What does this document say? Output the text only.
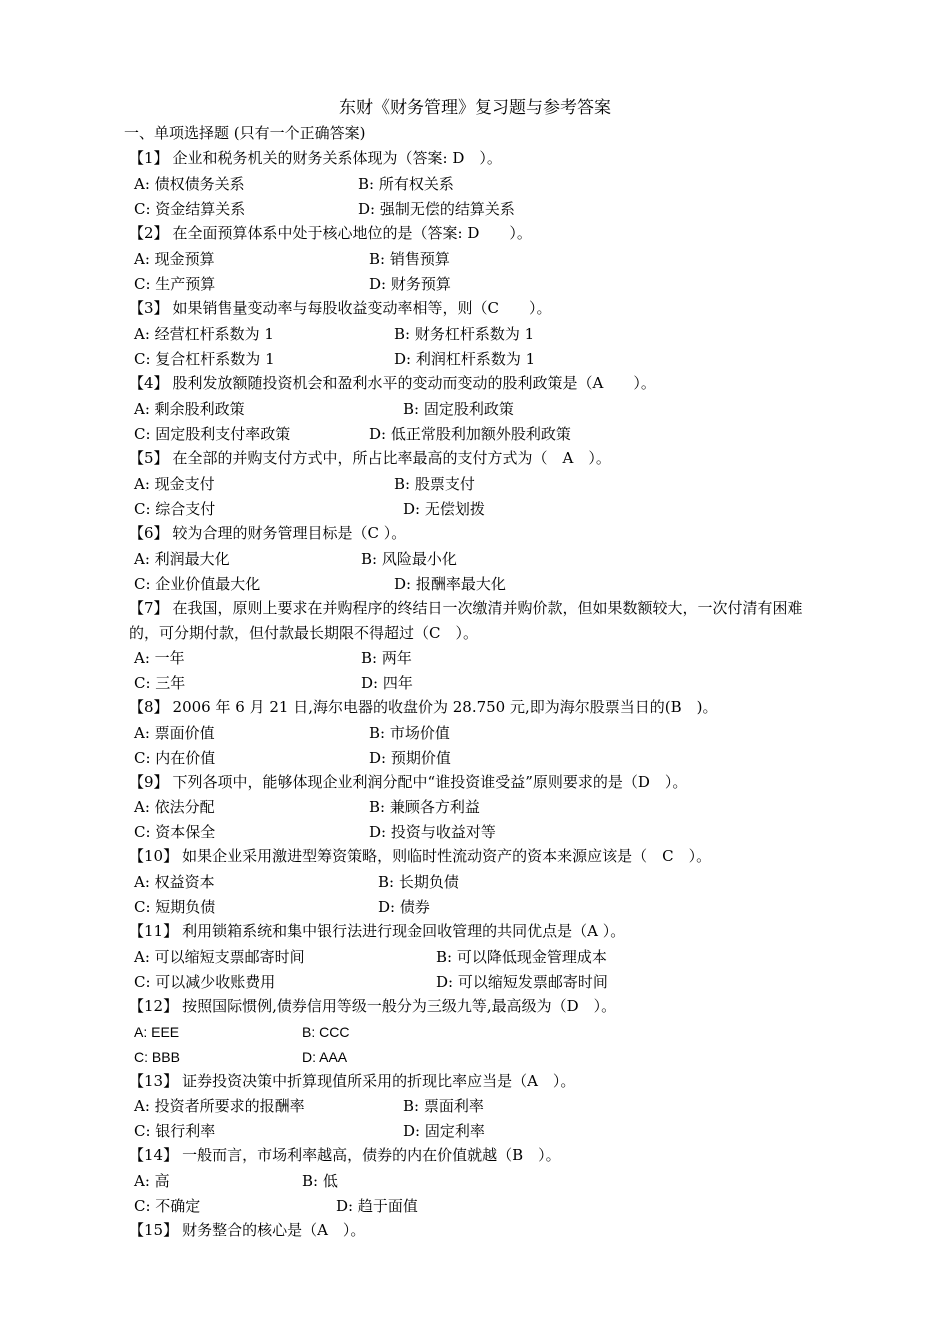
东财《财务管理》复习题与参考答案
一、单项选择题 (只有一个正确答案)
【1】 企业和税务机关的财务关系体现为（答案: D　）。
A: 债权债务关系	B: 所有权关系
C: 资金结算关系	D: 强制无偿的结算关系
【2】 在全面预算体系中处于核心地位的是（答案: D　　）。
A: 现金预算	B: 销售预算
C: 生产预算	D: 财务预算
【3】 如果销售量变动率与每股收益变动率相等，则（C　　）。
A: 经营杠杆系数为 1	B: 财务杠杆系数为 1
C: 复合杠杆系数为 1	D: 利润杠杆系数为 1
【4】 股利发放额随投资机会和盈利水平的变动而变动的股利政策是（A　　）。
A: 剩余股利政策	B: 固定股利政策
C: 固定股利支付率政策	D: 低正常股利加额外股利政策
【5】 在全部的并购支付方式中，所占比率最高的支付方式为（　A　）。
A: 现金支付	B: 股票支付
C: 综合支付	D: 无偿划拨
【6】 较为合理的财务管理目标是（C ）。
A: 利润最大化	B: 风险最小化
C: 企业价值最大化	D: 报酬率最大化
【7】 在我国，原则上要求在并购程序的终结日一次缴清并购价款，但如果数额较大，一次付清有困难的，可分期付款，但付款最长期限不得超过（C　）。
A: 一年	B: 两年
C: 三年	D: 四年
【8】 2006 年 6 月 21 日,海尔电器的收盘价为 28.750 元,即为海尔股票当日的(B　)。
A: 票面价值	B: 市场价值
C: 内在价值	D: 预期价值
【9】 下列各项中，能够体现企业利润分配中“谁投资谁受益”原则要求的是（D　）。
A: 依法分配	B: 兼顾各方利益
C: 资本保全	D: 投资与收益对等
【10】 如果企业采用激进型筹资策略，则临时性流动资产的资本来源应该是（　C　）。
A: 权益资本	B: 长期负债
C: 短期负债	D: 债券
【11】 利用锁箱系统和集中银行法进行现金回收管理的共同优点是（A ）。
A: 可以缩短支票邮寄时间	B: 可以降低现金管理成本
C: 可以减少收账费用	D: 可以缩短发票邮寄时间
【12】 按照国际惯例,债券信用等级一般分为三级九等,最高级为（D　）。
A: EEE	B: CCC
C: BBB	D: AAA
【13】 证券投资决策中折算现值所采用的折现比率应当是（A　）。
A: 投资者所要求的报酬率	B: 票面利率
C: 银行利率	D: 固定利率
【14】 一般而言，市场利率越高，债券的内在价值就越（B　）。
A: 高	B: 低
C: 不确定	D: 趋于面值
【15】 财务整合的核心是（A　）。
